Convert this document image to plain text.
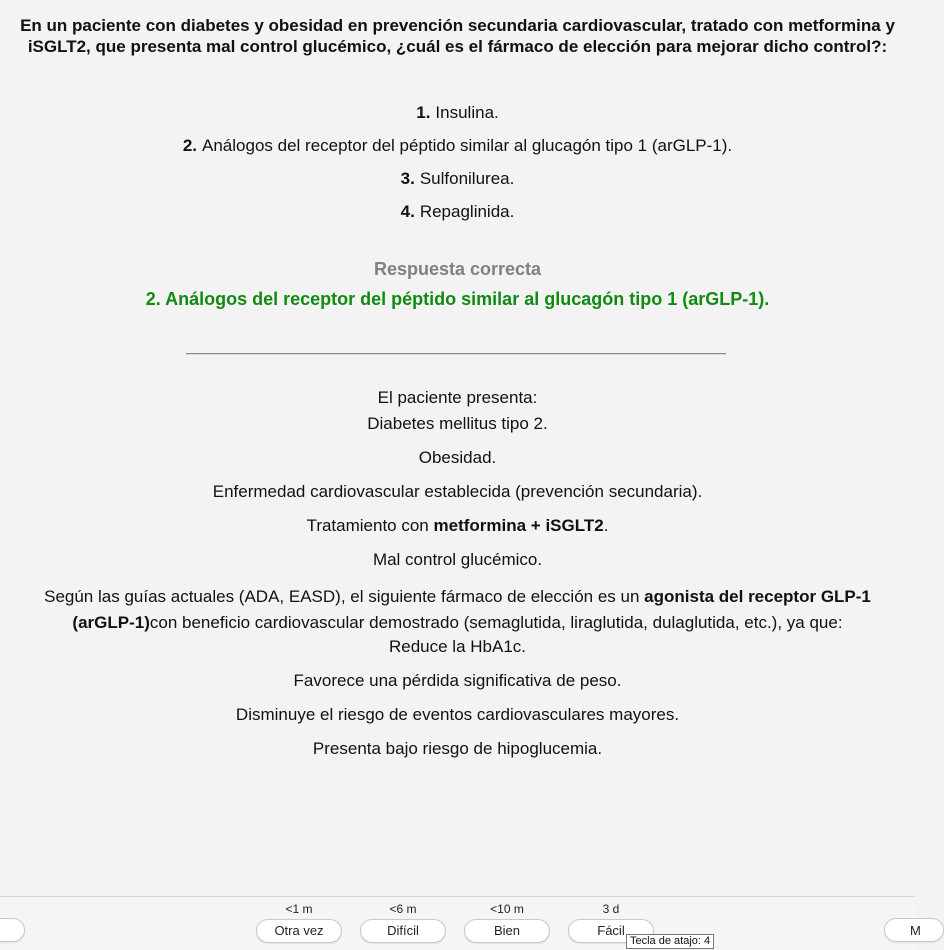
En un paciente con diabetes y obesidad en prevención secundaria cardiovascular, tratado con metformina y iSGLT2, que presenta mal control glucémico, ¿cuál es el fármaco de elección para mejorar dicho control?:
1. Insulina.
2. Análogos del receptor del péptido similar al glucagón tipo 1 (arGLP-1).
3. Sulfonilurea.
4. Repaglinida.
Respuesta correcta
2. Análogos del receptor del péptido similar al glucagón tipo 1 (arGLP-1).
El paciente presenta:
Diabetes mellitus tipo 2.
Obesidad.
Enfermedad cardiovascular establecida (prevención secundaria).
Tratamiento con metformina + iSGLT2.
Mal control glucémico.
Según las guías actuales (ADA, EASD), el siguiente fármaco de elección es un agonista del receptor GLP-1 (arGLP-1)con beneficio cardiovascular demostrado (semaglutida, liraglutida, dulaglutida, etc.), ya que:
Reduce la HbA1c.
Favorece una pérdida significativa de peso.
Disminuye el riesgo de eventos cardiovasculares mayores.
Presenta bajo riesgo de hipoglucemia.
<1 m
Otra vez
<6 m
Difícil
<10 m
Bien
3 d
Fácil	M
Tecla de atajo: 4
